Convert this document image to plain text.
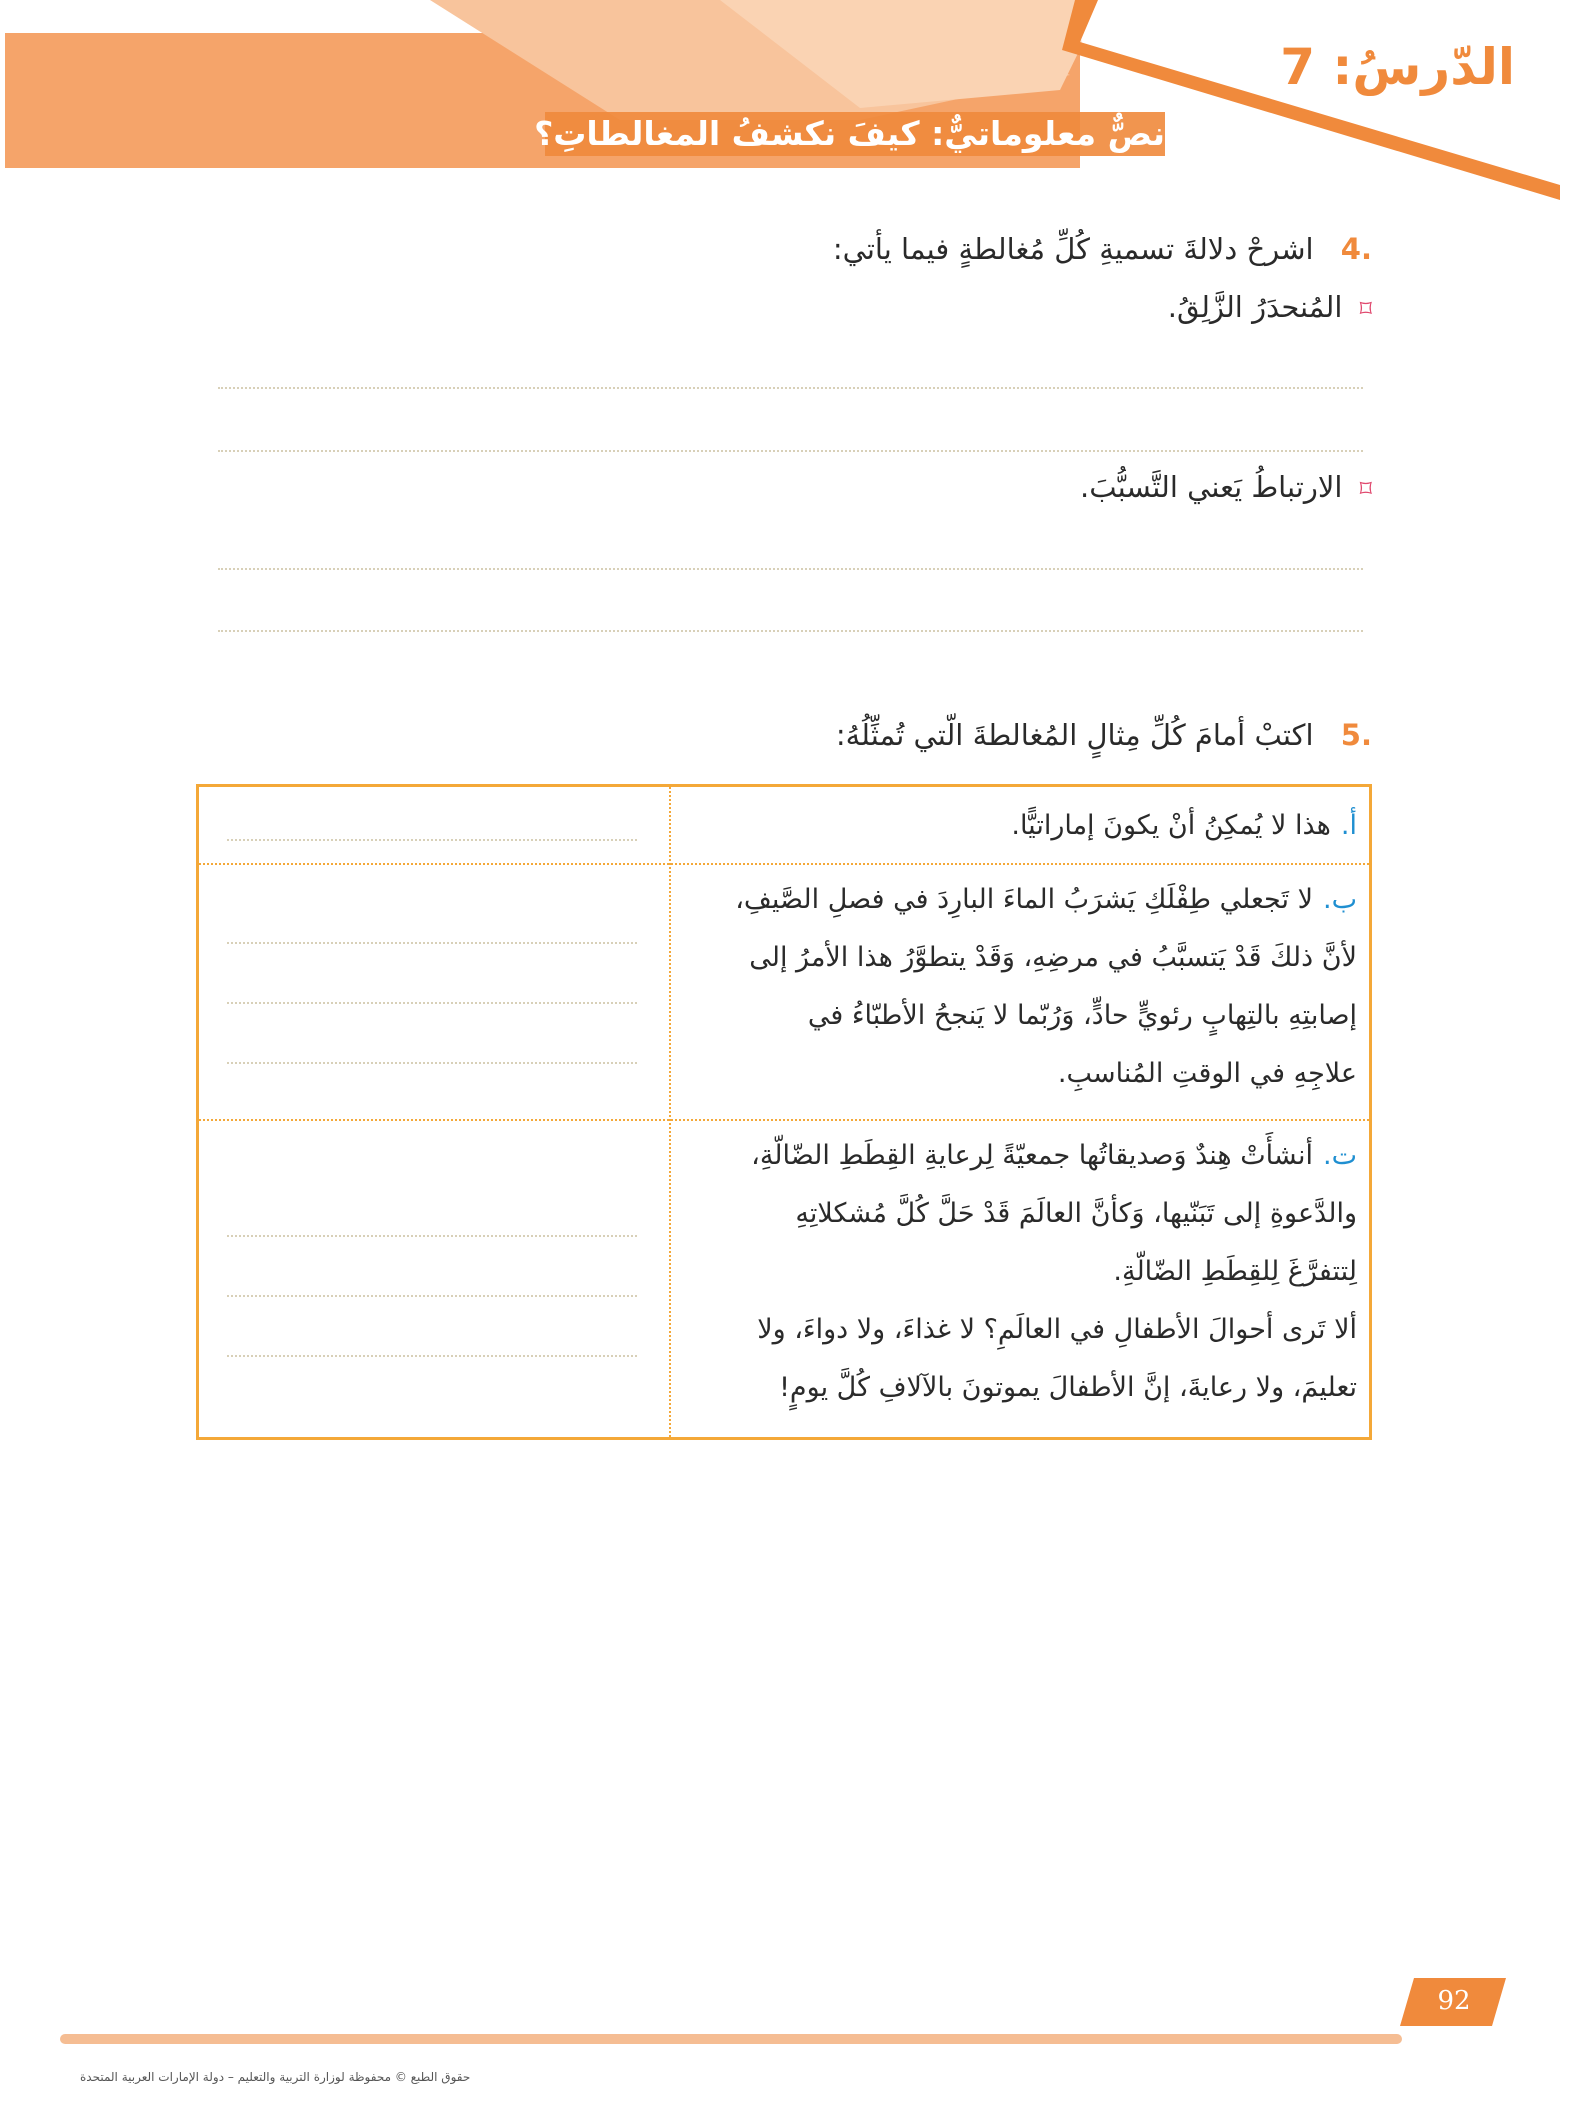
الدّرسُ: 7
نصٌّ معلوماتيٌّ: كيفَ نكشفُ المغالطاتِ؟
.4 اشرحْ دلالةَ تسميةِ كُلِّ مُغالطةٍ فيما يأتي:
⌑ المُنحدَرُ الزَّلِقُ.
⌑ الارتباطُ يَعني التَّسبُّبَ.
.5 اكتبْ أمامَ كُلِّ مِثالٍ المُغالطةَ الّتي تُمثِّلُهُ:
أ.هذا لا يُمكِنُ أنْ يكونَ إماراتيًّا.
ب.لا تَجعلي طِفْلَكِ يَشرَبُ الماءَ البارِدَ في فصلِ الصَّيفِ،
لأنَّ ذلكَ قَدْ يَتسبَّبُ في مرضِهِ، وَقَدْ يتطوَّرُ هذا الأمرُ إلى
إصابتِهِ بالتِهابٍ رئويٍّ حادٍّ، وَرُبّما لا يَنجحُ الأطبّاءُ في
علاجِهِ في الوقتِ المُناسبِ.
ت.أنشأَتْ هِندٌ وَصديقاتُها جمعيّةً لِرعايةِ القِطَطِ الضّالّةِ،
والدَّعوةِ إلى تَبَنّيها، وَكأنَّ العالَمَ قَدْ حَلَّ كُلَّ مُشكلاتِهِ
لِتتفرَّغَ لِلقِطَطِ الضّالّةِ.
ألا تَرى أحوالَ الأطفالِ في العالَمِ؟ لا غذاءَ، ولا دواءَ، ولا
تعليمَ، ولا رعايةَ، إنَّ الأطفالَ يموتونَ بالآلافِ كُلَّ يومٍ!
92
حقوق الطبع © محفوظة لوزارة التربية والتعليم – دولة الإمارات العربية المتحدة
